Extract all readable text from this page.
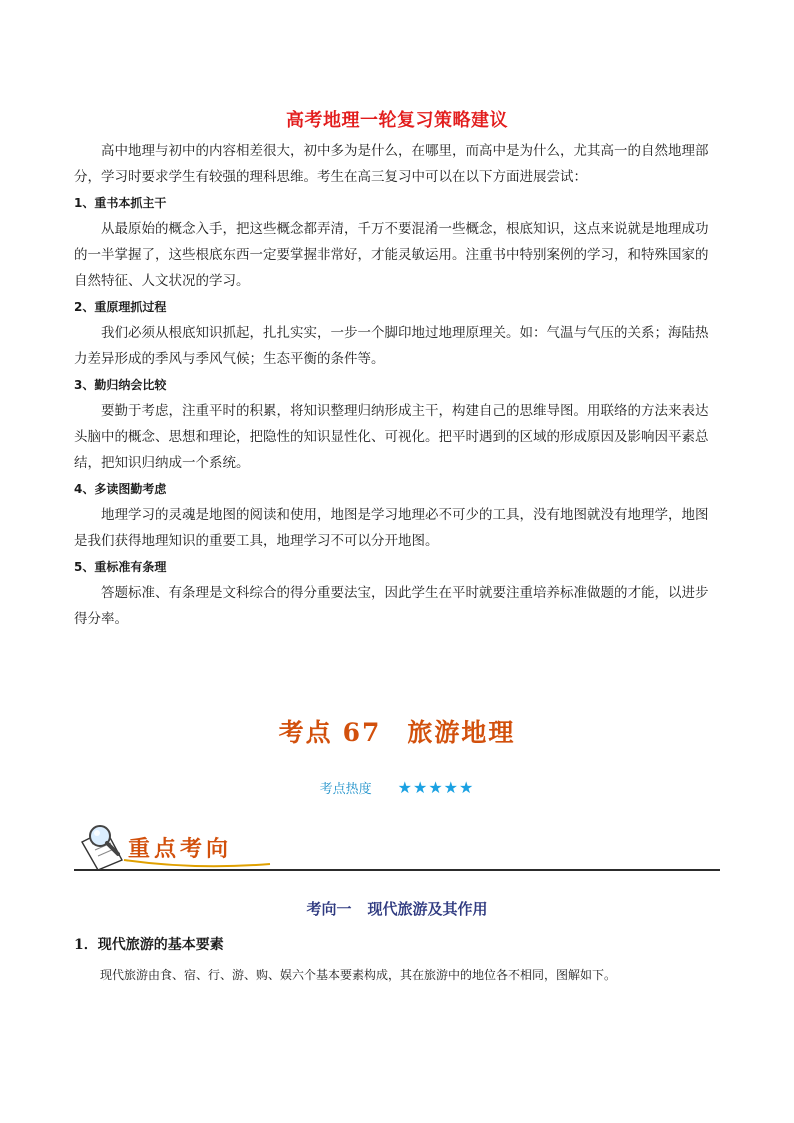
高考地理一轮复习策略建议

高中地理与初中的内容相差很大，初中多为是什么，在哪里，而高中是为什么，尤其高一的自然地理部分，学习时要求学生有较强的理科思维。考生在高三复习中可以在以下方面进展尝试：

1、重书本抓主干

从最原始的概念入手，把这些概念都弄清，千万不要混淆一些概念，根底知识，这点来说就是地理成功的一半掌握了，这些根底东西一定要掌握非常好，才能灵敏运用。注重书中特别案例的学习，和特殊国家的自然特征、人文状况的学习。

2、重原理抓过程

我们必须从根底知识抓起，扎扎实实，一步一个脚印地过地理原理关。如：气温与气压的关系；海陆热力差异形成的季风与季风气候；生态平衡的条件等。

3、勤归纳会比较

要勤于考虑，注重平时的积累，将知识整理归纳形成主干，构建自己的思维导图。用联络的方法来表达头脑中的概念、思想和理论，把隐性的知识显性化、可视化。把平时遇到的区域的形成原因及影响因平素总结，把知识归纳成一个系统。

4、多读图勤考虑

地理学习的灵魂是地图的阅读和使用，地图是学习地理必不可少的工具，没有地图就没有地理学，地图是我们获得地理知识的重要工具，地理学习不可以分开地图。

5、重标准有条理

答题标准、有条理是文科综合的得分重要法宝，因此学生在平时就要注重培养标准做题的才能，以进步得分率。

考点 67 旅游地理
考点热度 ★★★★★
重点考向
考向一 现代旅游及其作用
1．现代旅游的基本要素
现代旅游由食、宿、行、游、购、娱六个基本要素构成，其在旅游中的地位各不相同，图解如下。
